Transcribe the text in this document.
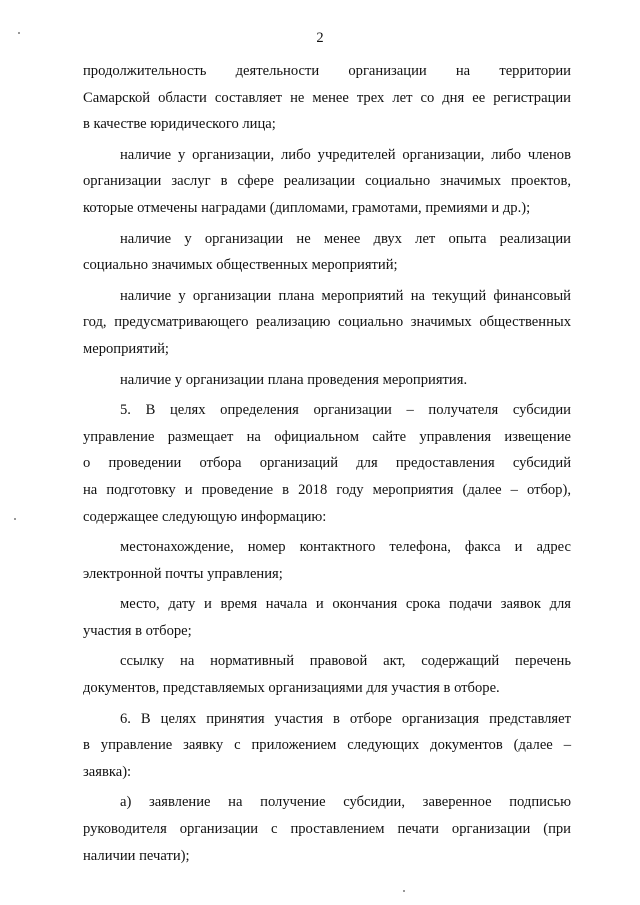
2
продолжительность деятельности организации на территории
Самарской области составляет не менее трех лет со дня ее регистрации
в качестве юридического лица;
наличие у организации, либо учредителей организации, либо членов
организации заслуг в сфере реализации социально значимых проектов,
которые отмечены наградами (дипломами, грамотами, премиями и др.);
наличие у организации не менее двух лет опыта реализации
социально значимых общественных мероприятий;
наличие у организации плана мероприятий на текущий финансовый
год, предусматривающего реализацию социально значимых общественных
мероприятий;
наличие у организации плана проведения мероприятия.
5. В целях определения организации – получателя субсидии
управление размещает на официальном сайте управления извещение
о проведении отбора организаций для предоставления субсидий
на подготовку и проведение в 2018 году мероприятия (далее – отбор),
содержащее следующую информацию:
местонахождение, номер контактного телефона, факса и адрес
электронной почты управления;
место, дату и время начала и окончания срока подачи заявок для
участия в отборе;
ссылку на нормативный правовой акт, содержащий перечень
документов, представляемых организациями для участия в отборе.
6. В целях принятия участия в отборе организация представляет
в управление заявку с приложением следующих документов (далее –
заявка):
а) заявление на получение субсидии, заверенное подписью
руководителя организации с проставлением печати организации (при
наличии печати);
